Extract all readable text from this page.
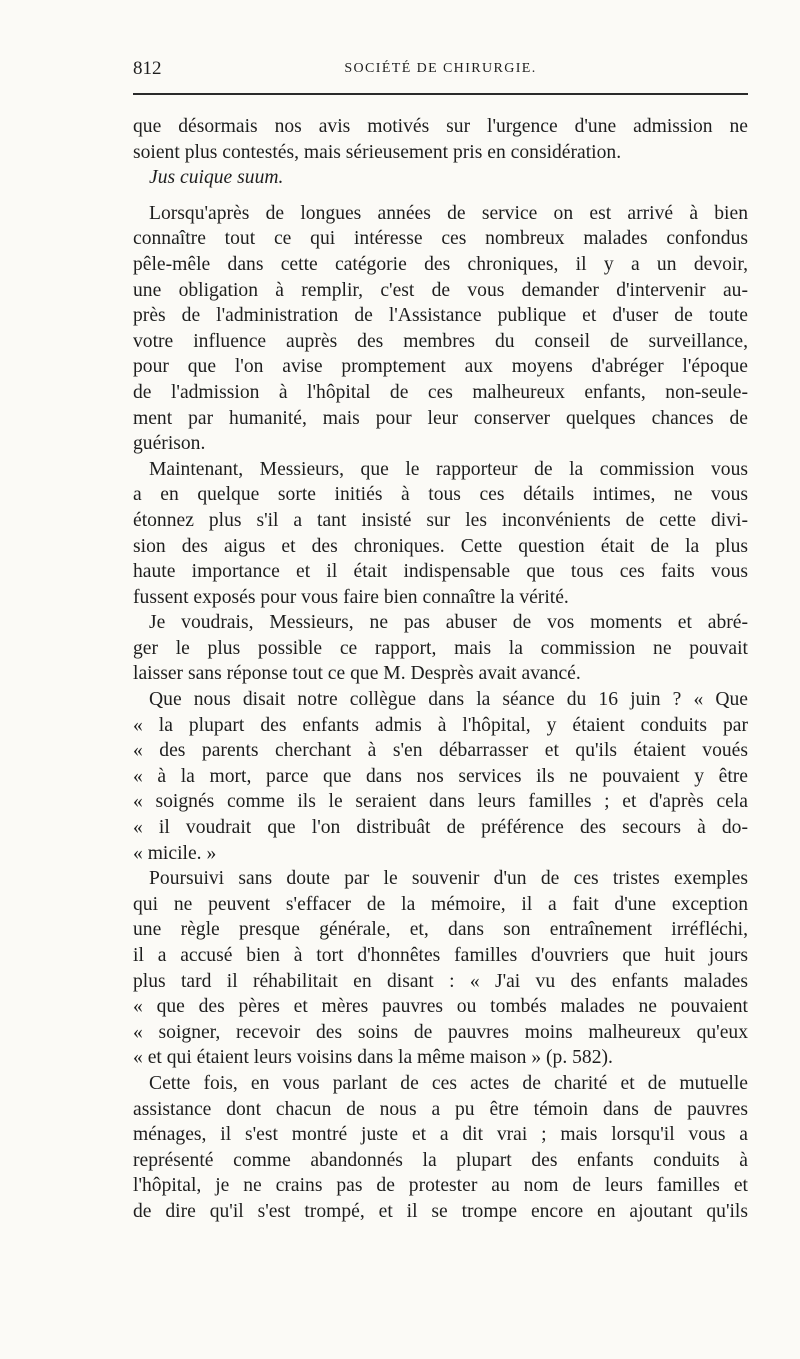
812	SOCIÉTÉ DE CHIRURGIE.
que désormais nos avis motivés sur l'urgence d'une admission ne
soient plus contestés, mais sérieusement pris en considération.
Jus cuique suum.
Lorsqu'après de longues années de service on est arrivé à bien
connaître tout ce qui intéresse ces nombreux malades confondus
pêle-mêle dans cette catégorie des chroniques, il y a un devoir,
une obligation à remplir, c'est de vous demander d'intervenir au-
près de l'administration de l'Assistance publique et d'user de toute
votre influence auprès des membres du conseil de surveillance,
pour que l'on avise promptement aux moyens d'abréger l'époque
de l'admission à l'hôpital de ces malheureux enfants, non-seule-
ment par humanité, mais pour leur conserver quelques chances de
guérison.
Maintenant, Messieurs, que le rapporteur de la commission vous
a en quelque sorte initiés à tous ces détails intimes, ne vous
étonnez plus s'il a tant insisté sur les inconvénients de cette divi-
sion des aigus et des chroniques. Cette question était de la plus
haute importance et il était indispensable que tous ces faits vous
fussent exposés pour vous faire bien connaître la vérité.
Je voudrais, Messieurs, ne pas abuser de vos moments et abré-
ger le plus possible ce rapport, mais la commission ne pouvait
laisser sans réponse tout ce que M. Desprès avait avancé.
Que nous disait notre collègue dans la séance du 16 juin ? « Que
« la plupart des enfants admis à l'hôpital, y étaient conduits par
« des parents cherchant à s'en débarrasser et qu'ils étaient voués
« à la mort, parce que dans nos services ils ne pouvaient y être
« soignés comme ils le seraient dans leurs familles ; et d'après cela
« il voudrait que l'on distribuât de préférence des secours à do-
« micile. »
Poursuivi sans doute par le souvenir d'un de ces tristes exemples
qui ne peuvent s'effacer de la mémoire, il a fait d'une exception
une règle presque générale, et, dans son entraînement irréfléchi,
il a accusé bien à tort d'honnêtes familles d'ouvriers que huit jours
plus tard il réhabilitait en disant : « J'ai vu des enfants malades
« que des pères et mères pauvres ou tombés malades ne pouvaient
« soigner, recevoir des soins de pauvres moins malheureux qu'eux
« et qui étaient leurs voisins dans la même maison » (p. 582).
Cette fois, en vous parlant de ces actes de charité et de mutuelle
assistance dont chacun de nous a pu être témoin dans de pauvres
ménages, il s'est montré juste et a dit vrai ; mais lorsqu'il vous a
représenté comme abandonnés la plupart des enfants conduits à
l'hôpital, je ne crains pas de protester au nom de leurs familles et
de dire qu'il s'est trompé, et il se trompe encore en ajoutant qu'ils
